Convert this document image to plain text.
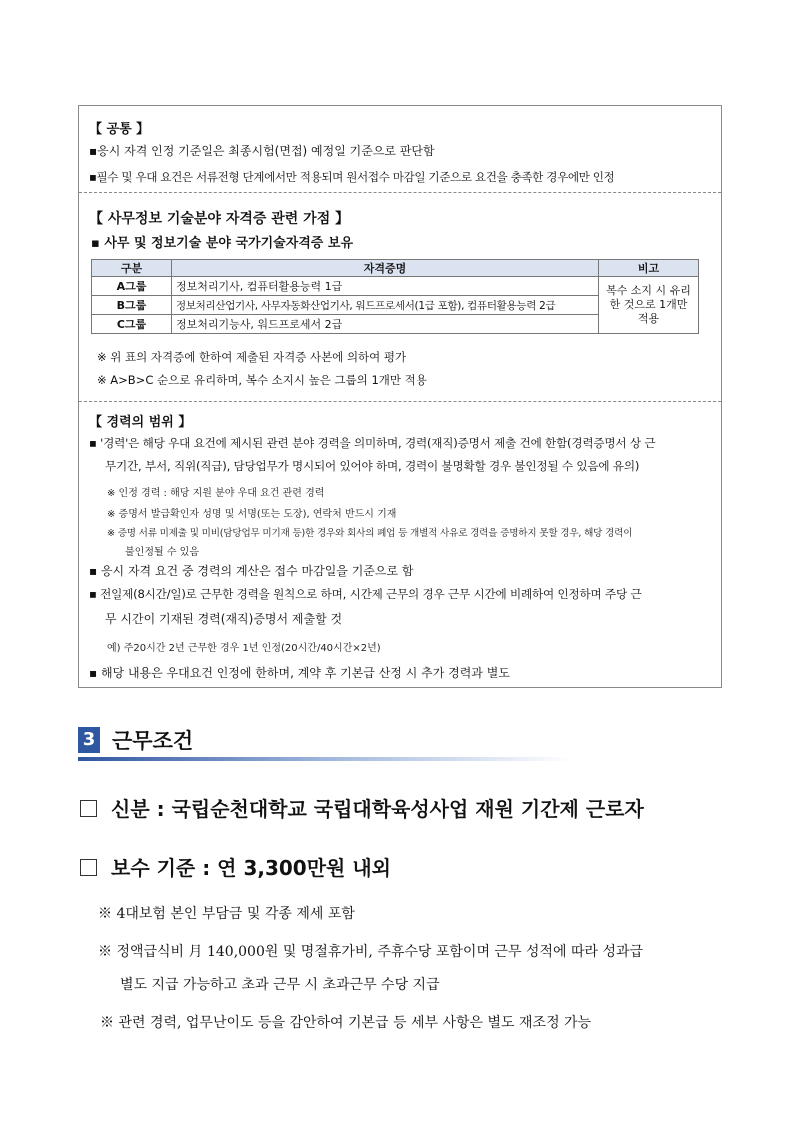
【 공통 】
▪응시 자격 인정 기준일은 최종시험(면접) 예정일 기준으로 판단함
▪필수 및 우대 요건은 서류전형 단계에서만 적용되며 원서접수 마감일 기준으로 요건을 충족한 경우에만 인정
【 사무정보 기술분야 자격증 관련 가점 】
▪ 사무 및 정보기술 분야 국가기술자격증 보유
구분	자격증명	비고
A그룹	정보처리기사, 컴퓨터활용능력 1급	복수 소지 시 유리한 것으로 1개만 적용
B그룹	정보처리산업기사, 사무자동화산업기사, 워드프로세서(1급 포함), 컴퓨터활용능력 2급	
C그룹	정보처리기능사, 워드프로세서 2급	
※ 위 표의 자격증에 한하여 제출된 자격증 사본에 의하여 평가
※ A>B>C 순으로 유리하며, 복수 소지시 높은 그룹의 1개만 적용
【 경력의 범위 】
▪ '경력'은 해당 우대 요건에 제시된 관련 분야 경력을 의미하며, 경력(재직)증명서 제출 건에 한함(경력증명서 상 근
무기간, 부서, 직위(직급), 담당업무가 명시되어 있어야 하며, 경력이 불명확할 경우 불인정될 수 있음에 유의)
※ 인정 경력 : 해당 지원 분야 우대 요건 관련 경력
※ 증명서 발급확인자 성명 및 서명(또는 도장), 연락처 반드시 기재
※ 증명 서류 미제출 및 미비(담당업무 미기재 등)한 경우와 회사의 폐업 등 개별적 사유로 경력을 증명하지 못할 경우, 해당 경력이
불인정될 수 있음
▪ 응시 자격 요건 중 경력의 계산은 접수 마감일을 기준으로 함
▪ 전일제(8시간/일)로 근무한 경력을 원칙으로 하며, 시간제 근무의 경우 근무 시간에 비례하여 인정하며 주당 근
무 시간이 기재된 경력(재직)증명서 제출할 것
예) 주20시간 2년 근무한 경우 1년 인정(20시간/40시간×2년)
▪ 해당 내용은 우대요건 인정에 한하며, 계약 후 기본급 산정 시 추가 경력과 별도
3 근무조건
신분 : 국립순천대학교 국립대학육성사업 재원 기간제 근로자
보수 기준 : 연 3,300만원 내외
※ 4대보험 본인 부담금 및 각종 제세 포함
※ 정액급식비 月 140,000원 및 명절휴가비, 주휴수당 포함이며 근무 성적에 따라 성과급
별도 지급 가능하고 초과 근무 시 초과근무 수당 지급
※ 관련 경력, 업무난이도 등을 감안하여 기본급 등 세부 사항은 별도 재조정 가능
